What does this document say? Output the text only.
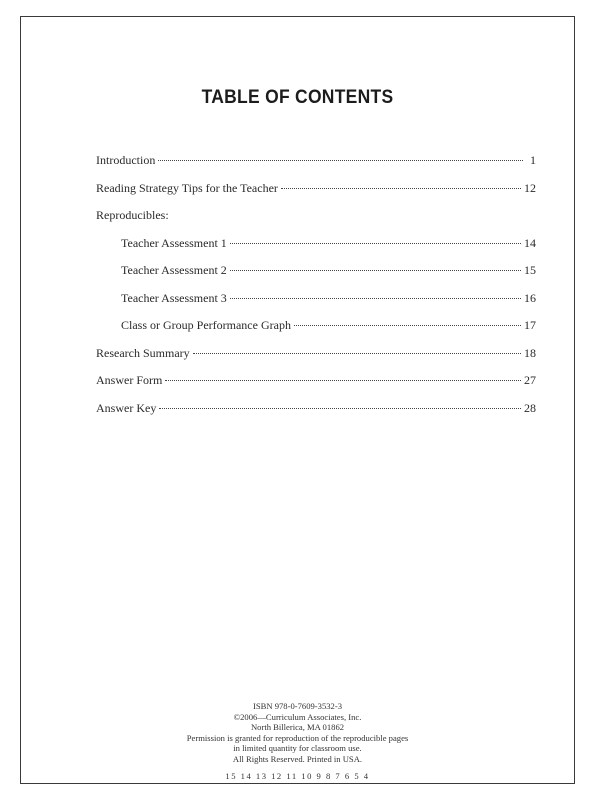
TABLE OF CONTENTS
Introduction	1
Reading Strategy Tips for the Teacher	12
Reproducibles:
Teacher Assessment 1	14
Teacher Assessment 2	15
Teacher Assessment 3	16
Class or Group Performance Graph	17
Research Summary	18
Answer Form	27
Answer Key	28
ISBN 978-0-7609-3532-3
©2006—Curriculum Associates, Inc.
North Billerica, MA 01862
Permission is granted for reproduction of the reproducible pages
in limited quantity for classroom use.
All Rights Reserved. Printed in USA.
15 14 13 12 11 10 9 8 7 6 5 4
